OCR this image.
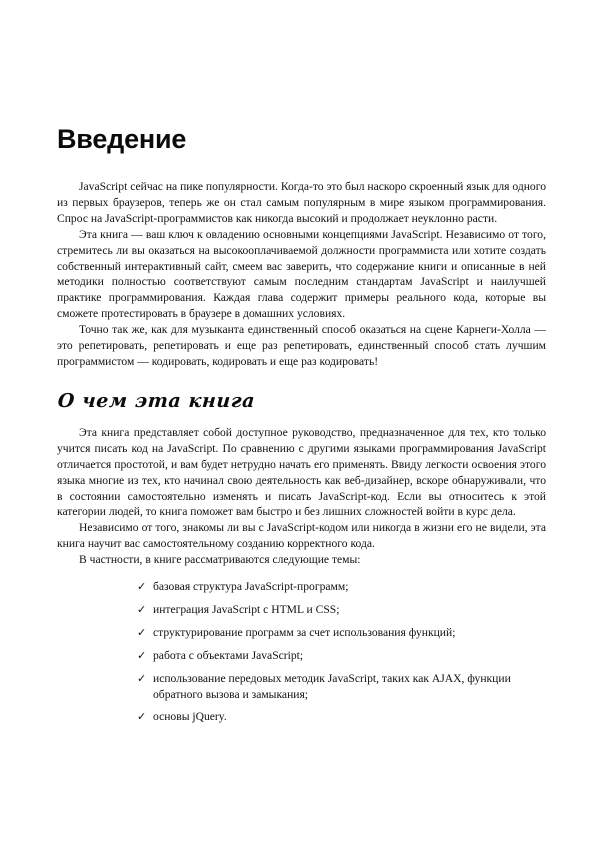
Введение

JavaScript сейчас на пике популярности. Когда-то это был наскоро скроенный язык для одного из первых браузеров, теперь же он стал самым популярным в мире языком программирования. Спрос на JavaScript-программистов как никогда высокий и продолжает неуклонно расти.

Эта книга — ваш ключ к овладению основными концепциями JavaScript. Независимо от того, стремитесь ли вы оказаться на высокооплачиваемой должности программиста или хотите создать собственный интерактивный сайт, смеем вас заверить, что содержание книги и описанные в ней методики полностью соответствуют самым последним стандартам JavaScript и наилучшей практике программирования. Каждая глава содержит примеры реального кода, которые вы сможете протестировать в браузере в домашних условиях.

Точно так же, как для музыканта единственный способ оказаться на сцене Карнеги-Холла — это репетировать, репетировать и еще раз репетировать, единственный способ стать лучшим программистом — кодировать, кодировать и еще раз кодировать!

О чем эта книга

Эта книга представляет собой доступное руководство, предназначенное для тех, кто только учится писать код на JavaScript. По сравнению с другими языками программирования JavaScript отличается простотой, и вам будет нетрудно начать его применять. Ввиду легкости освоения этого языка многие из тех, кто начинал свою деятельность как веб-дизайнер, вскоре обнаруживали, что в состоянии самостоятельно изменять и писать JavaScript-код. Если вы относитесь к этой категории людей, то книга поможет вам быстро и без лишних сложностей войти в курс дела.

Независимо от того, знакомы ли вы с JavaScript-кодом или никогда в жизни его не видели, эта книга научит вас самостоятельному созданию корректного кода.

В частности, в книге рассматриваются следующие темы:

✓ базовая структура JavaScript-программ;
✓ интеграция JavaScript с HTML и CSS;
✓ структурирование программ за счет использования функций;
✓ работа с объектами JavaScript;
✓ использование передовых методик JavaScript, таких как AJAX, функции обратного вызова и замыкания;
✓ основы jQuery.
